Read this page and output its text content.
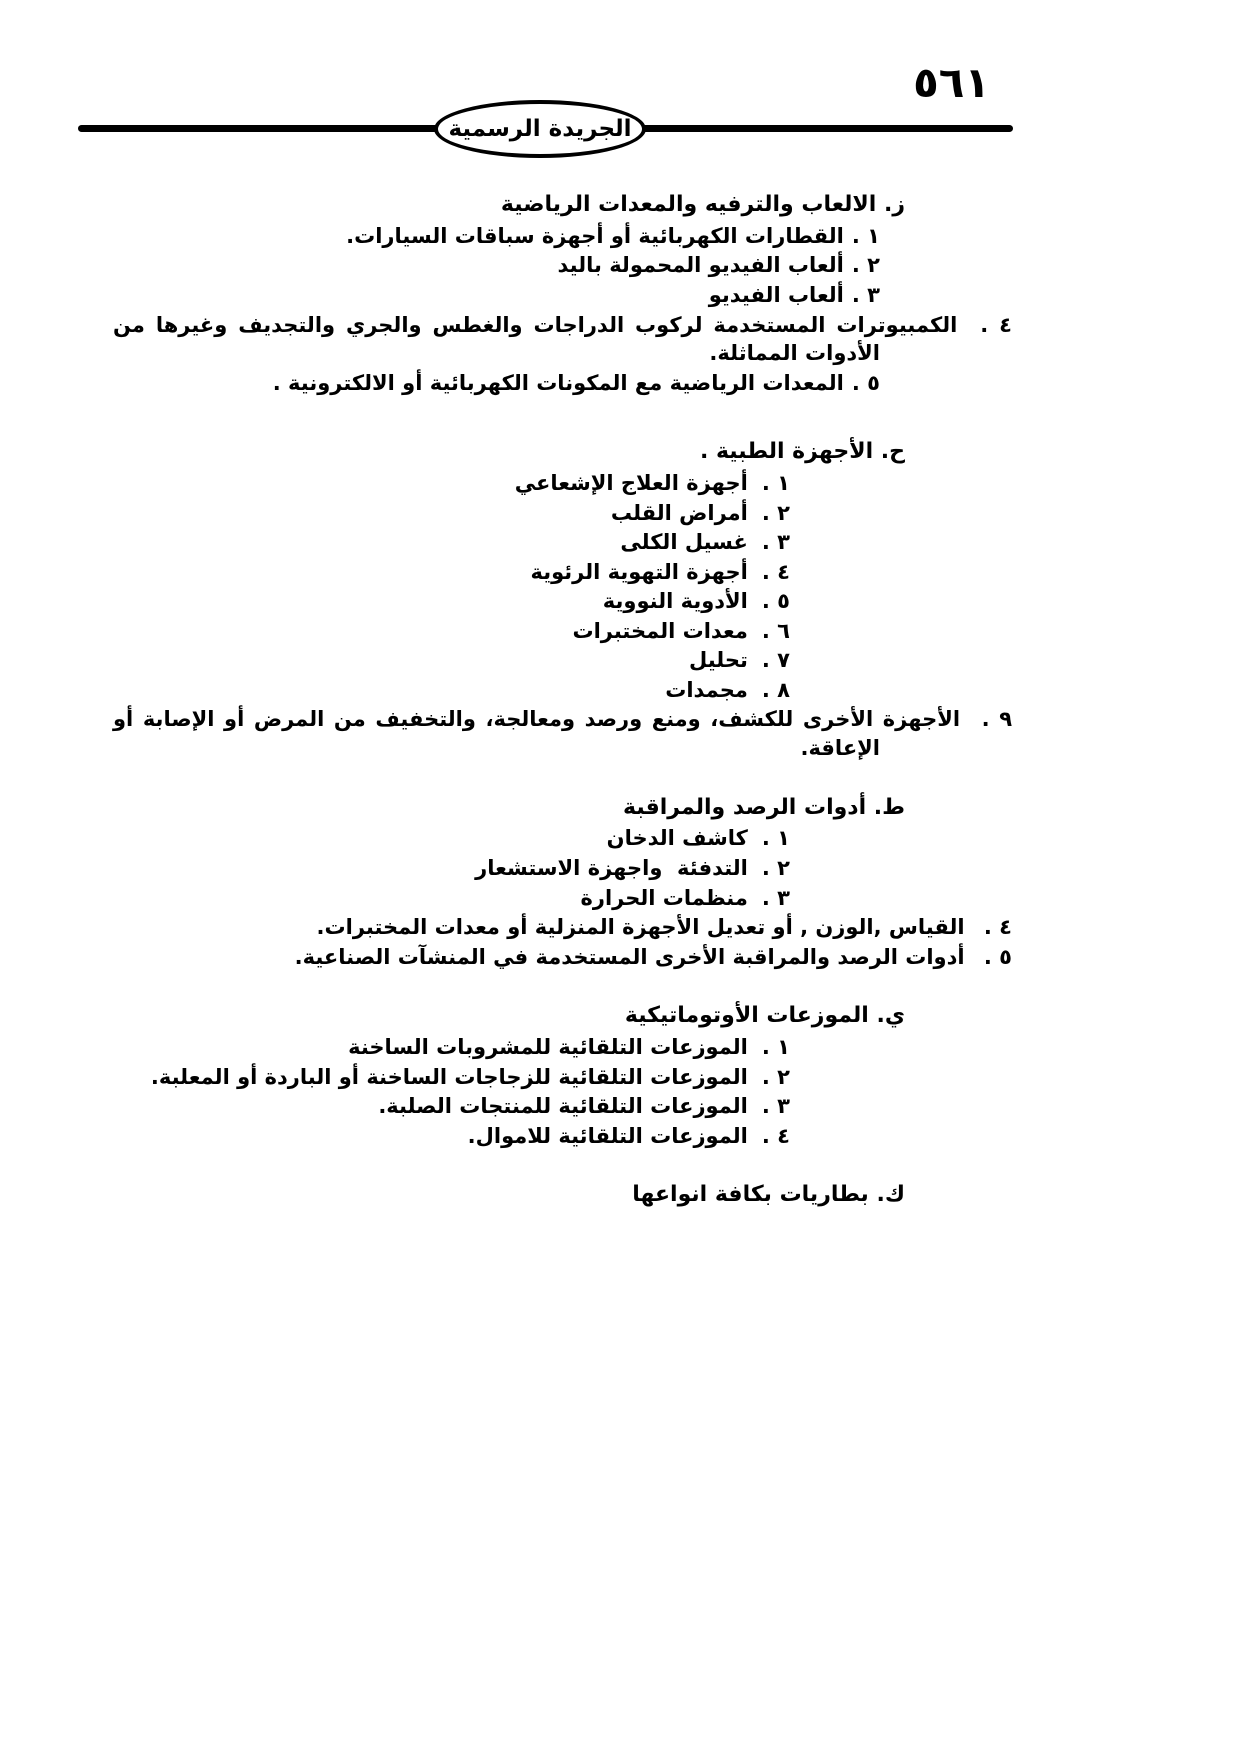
٥٦١
الجريدة الرسمية
ز. الالعاب والترفيه والمعدات الرياضية
١ .
القطارات الكهربائية أو أجهزة سباقات السيارات.
٢ .
ألعاب الفيديو المحمولة باليد
٣ .
ألعاب الفيديو
٤ . الكمبيوترات المستخدمة لركوب الدراجات والغطس والجري والتجديف وغيرها من الأدوات المماثلة.
٥ .
المعدات الرياضية مع المكونات الكهربائية أو الالكترونية .
ح. الأجهزة الطبية .
١ .
أجهزة العلاج الإشعاعي
٢ .
أمراض القلب
٣ .
غسيل الكلى
٤ .
أجهزة التهوية الرئوية
٥ .
الأدوية النووية
٦ .
معدات المختبرات
٧ .
تحليل
٨ .
مجمدات
٩ . الأجهزة الأخرى للكشف، ومنع ورصد ومعالجة، والتخفيف من المرض أو الإصابة أو الإعاقة.
ط. أدوات الرصد والمراقبة
١ .
كاشف الدخان
٢ .
التدفئة  واجهزة الاستشعار
٣ .
منظمات الحرارة
٤ . القياس ,الوزن , أو تعديل الأجهزة المنزلية أو معدات المختبرات.
٥ . أدوات الرصد والمراقبة الأخرى المستخدمة في المنشآت الصناعية.
ي. الموزعات الأوتوماتيكية
١ .
الموزعات التلقائية للمشروبات الساخنة
٢ .
الموزعات التلقائية للزجاجات الساخنة أو الباردة أو المعلبة.
٣ .
الموزعات التلقائية للمنتجات الصلبة.
٤ .
الموزعات التلقائية للاموال.
ك. بطاريات بكافة انواعها
